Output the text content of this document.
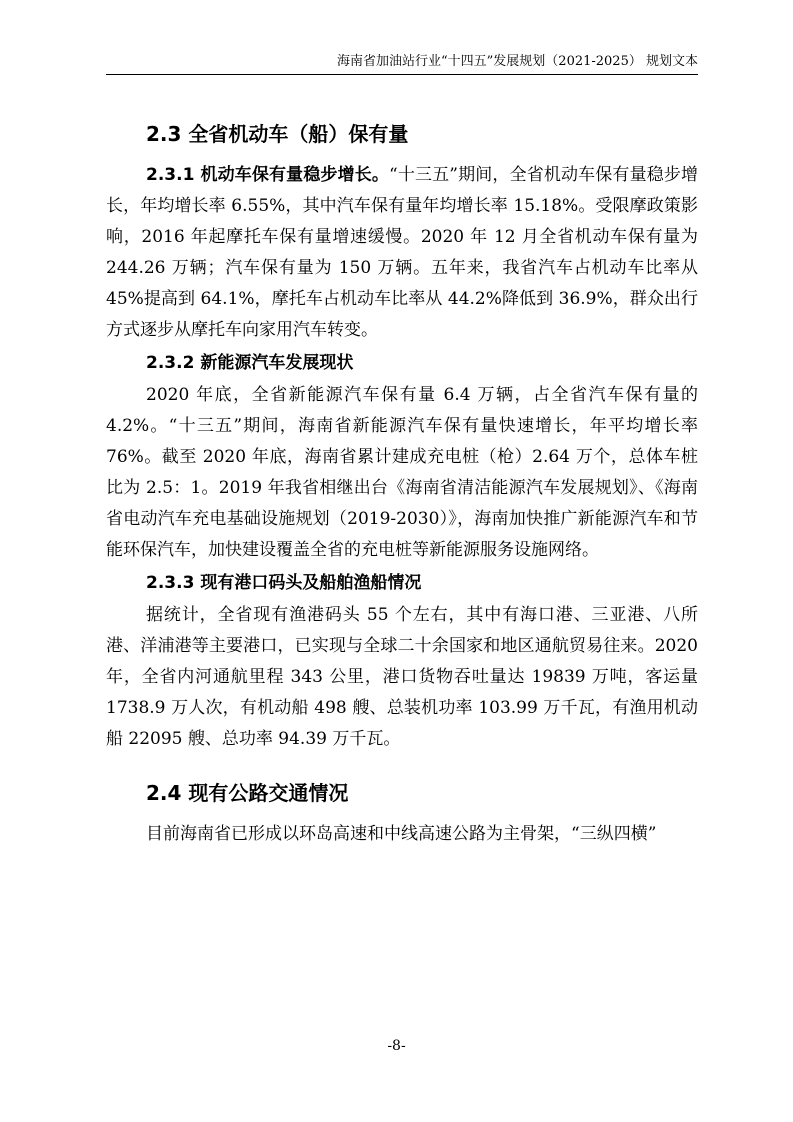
海南省加油站行业“十四五”发展规划（2021-2025） 规划文本
2.3 全省机动车（船）保有量

2.3.1 机动车保有量稳步增长。“十三五”期间，全省机动车保有量稳步增长，年均增长率 6.55%，其中汽车保有量年均增长率 15.18%。受限摩政策影响，2016 年起摩托车保有量增速缓慢。2020 年 12 月全省机动车保有量为 244.26 万辆；汽车保有量为 150 万辆。五年来，我省汽车占机动车比率从 45%提高到 64.1%，摩托车占机动车比率从 44.2%降低到 36.9%，群众出行方式逐步从摩托车向家用汽车转变。

2.3.2 新能源汽车发展现状

2020 年底，全省新能源汽车保有量 6.4 万辆，占全省汽车保有量的 4.2%。“十三五”期间，海南省新能源汽车保有量快速增长，年平均增长率 76%。截至 2020 年底，海南省累计建成充电桩（枪）2.64 万个，总体车桩比为 2.5：1。2019 年我省相继出台《海南省清洁能源汽车发展规划》、《海南省电动汽车充电基础设施规划（2019-2030）》，海南加快推广新能源汽车和节能环保汽车，加快建设覆盖全省的充电桩等新能源服务设施网络。

2.3.3 现有港口码头及船舶渔船情况

据统计，全省现有渔港码头 55 个左右，其中有海口港、三亚港、八所港、洋浦港等主要港口，已实现与全球二十余国家和地区通航贸易往来。2020 年，全省内河通航里程 343 公里，港口货物吞吐量达 19839 万吨，客运量 1738.9 万人次，有机动船 498 艘、总装机功率 103.99 万千瓦，有渔用机动船 22095 艘、总功率 94.39 万千瓦。

2.4 现有公路交通情况

目前海南省已形成以环岛高速和中线高速公路为主骨架，“三纵四横”

-8-
